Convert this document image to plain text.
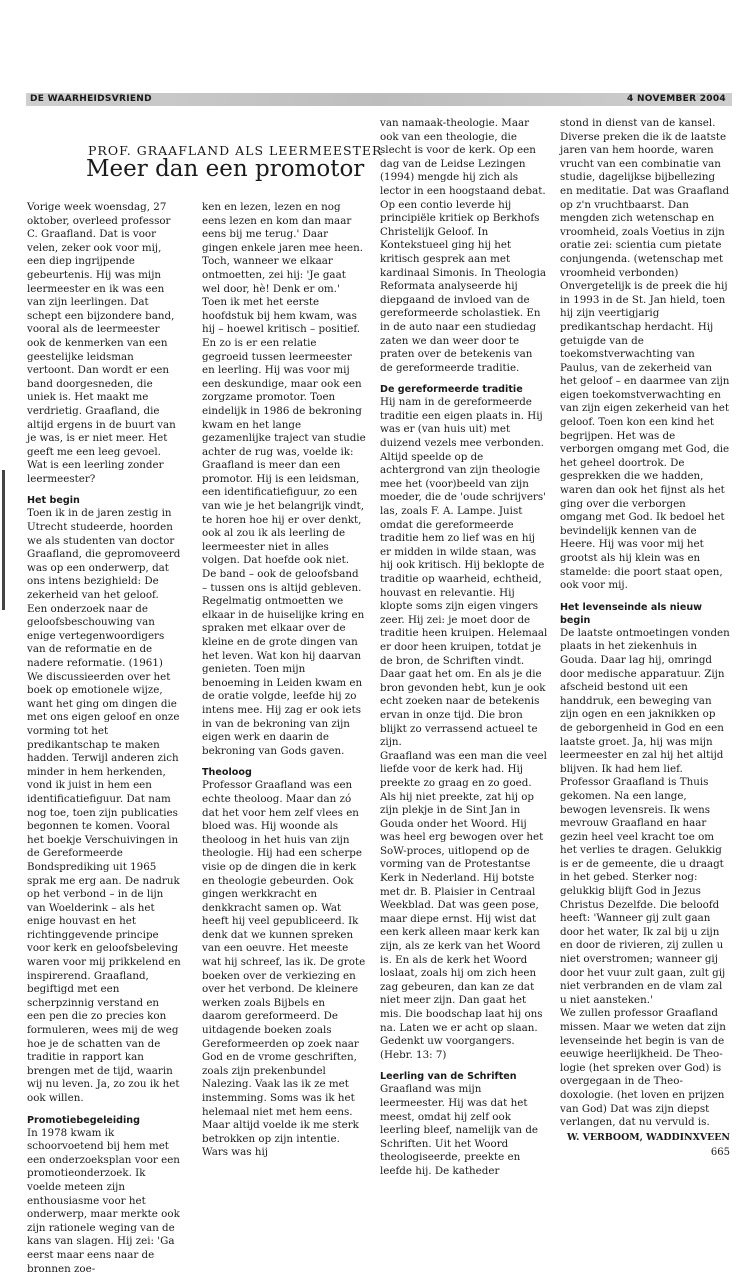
DE WAARHEIDSVRIEND	4 NOVEMBER 2004
PROF. GRAAFLAND ALS LEERMEESTER
Meer dan een promotor

Vorige week woensdag, 27 oktober, overleed professor C. Graafland. Dat is voor velen, zeker ook voor mij, een diep ingrijpende gebeurtenis. Hij was mijn leermeester en ik was een van zijn leerlingen. Dat schept een bijzondere band, vooral als de leermeester ook de kenmerken van een geestelijke leidsman vertoont. Dan wordt er een band doorgesneden, die uniek is. Het maakt me verdrietig. Graafland, die altijd ergens in de buurt van je was, is er niet meer. Het geeft me een leeg gevoel. Wat is een leerling zonder leermeester?

Het begin

Toen ik in de jaren zestig in Utrecht studeerde, hoorden we als studenten van doctor Graafland, die gepromoveerd was op een onderwerp, dat ons intens bezighield: De zekerheid van het geloof. Een onderzoek naar de geloofsbeschouwing van enige vertegenwoordigers van de reformatie en de nadere reformatie. (1961) We discussieerden over het boek op emotionele wijze, want het ging om dingen die met ons eigen geloof en onze vorming tot het predikantschap te maken hadden. Terwijl anderen zich minder in hem herkenden, vond ik juist in hem een identificatiefiguur. Dat nam nog toe, toen zijn publicaties begonnen te komen. Vooral het boekje Verschuivingen in de Gereformeerde Bondsprediking uit 1965 sprak me erg aan. De nadruk op het verbond – in de lijn van Woelderink – als het enige houvast en het richtinggevende principe voor kerk en geloofsbeleving waren voor mij prikkelend en inspirerend. Graafland, begiftigd met een scherpzinnig verstand en een pen die zo precies kon formuleren, wees mij de weg hoe je de schatten van de traditie in rapport kan brengen met de tijd, waarin wij nu leven. Ja, zo zou ik het ook willen.

Promotiebegeleiding

In 1978 kwam ik schoorvoetend bij hem met een onderzoeksplan voor een promotieonderzoek. Ik voelde meteen zijn enthousiasme voor het onderwerp, maar merkte ook zijn rationele weging van de kans van slagen. Hij zei: 'Ga eerst maar eens naar de bronnen zoe-

ken en lezen, lezen en nog eens lezen en kom dan maar eens bij me terug.' Daar gingen enkele jaren mee heen. Toch, wanneer we elkaar ontmoetten, zei hij: 'Je gaat wel door, hè! Denk er om.' Toen ik met het eerste hoofdstuk bij hem kwam, was hij – hoewel kritisch – positief. En zo is er een relatie gegroeid tussen leermeester en leerling. Hij was voor mij een deskundige, maar ook een zorgzame promotor. Toen eindelijk in 1986 de bekroning kwam en het lange gezamenlijke traject van studie achter de rug was, voelde ik: Graafland is meer dan een promotor. Hij is een leidsman, een identificatiefiguur, zo een van wie je het belangrijk vindt, te horen hoe hij er over denkt, ook al zou ik als leerling de leermeester niet in alles volgen. Dat hoefde ook niet.

De band – ook de geloofsband – tussen ons is altijd gebleven. Regelmatig ontmoetten we elkaar in de huiselijke kring en spraken met elkaar over de kleine en de grote dingen van het leven. Wat kon hij daarvan genieten. Toen mijn benoeming in Leiden kwam en de oratie volgde, leefde hij zo intens mee. Hij zag er ook iets in van de bekroning van zijn eigen werk en daarin de bekroning van Gods gaven.

Theoloog

Professor Graafland was een echte theoloog. Maar dan zó dat het voor hem zelf vlees en bloed was. Hij woonde als theoloog in het huis van zijn theologie. Hij had een scherpe visie op de dingen die in kerk en theologie gebeurden. Ook gingen werkkracht en denkkracht samen op. Wat heeft hij veel gepubliceerd. Ik denk dat we kunnen spreken van een oeuvre. Het meeste wat hij schreef, las ik. De grote boeken over de verkiezing en over het verbond. De kleinere werken zoals Bijbels en daarom gereformeerd. De uitdagende boeken zoals Gereformeerden op zoek naar God en de vrome geschriften, zoals zijn prekenbundel Nalezing. Vaak las ik ze met instemming. Soms was ik het helemaal niet met hem eens. Maar altijd voelde ik me sterk betrokken op zijn intentie. Wars was hij

van namaak-theologie. Maar ook van een theologie, die slecht is voor de kerk. Op een dag van de Leidse Lezingen (1994) mengde hij zich als lector in een hoogstaand debat. Op een contio leverde hij principiële kritiek op Berkhofs Christelijk Geloof. In Kontekstueel ging hij het kritisch gesprek aan met kardinaal Simonis. In Theologia Reformata analyseerde hij diepgaand de invloed van de gereformeerde scholastiek. En in de auto naar een studiedag zaten we dan weer door te praten over de betekenis van de gereformeerde traditie.

De gereformeerde traditie

Hij nam in de gereformeerde traditie een eigen plaats in. Hij was er (van huis uit) met duizend vezels mee verbonden. Altijd speelde op de achtergrond van zijn theologie mee het (voor)beeld van zijn moeder, die de 'oude schrijvers' las, zoals F. A. Lampe. Juist omdat die gereformeerde traditie hem zo lief was en hij er midden in wilde staan, was hij ook kritisch. Hij beklopte de traditie op waarheid, echtheid, houvast en relevantie. Hij klopte soms zijn eigen vingers zeer. Hij zei: je moet door de traditie heen kruipen. Helemaal er door heen kruipen, totdat je de bron, de Schriften vindt. Daar gaat het om. En als je die bron gevonden hebt, kun je ook echt zoeken naar de betekenis ervan in onze tijd. Die bron blijkt zo verrassend actueel te zijn.

Graafland was een man die veel liefde voor de kerk had. Hij preekte zo graag en zo goed. Als hij niet preekte, zat hij op zijn plekje in de Sint Jan in Gouda onder het Woord. Hij was heel erg bewogen over het SoW-proces, uitlopend op de vorming van de Protestantse Kerk in Nederland. Hij botste met dr. B. Plaisier in Centraal Weekblad. Dat was geen pose, maar diepe ernst. Hij wist dat een kerk alleen maar kerk kan zijn, als ze kerk van het Woord is. En als de kerk het Woord loslaat, zoals hij om zich heen zag gebeuren, dan kan ze dat niet meer zijn. Dan gaat het mis. Die boodschap laat hij ons na. Laten we er acht op slaan. Gedenkt uw voorgangers. (Hebr. 13: 7)

Leerling van de Schriften

Graafland was mijn leermeester. Hij was dat het meest, omdat hij zelf ook leerling bleef, namelijk van de Schriften. Uit het Woord theologiseerde, preekte en leefde hij. De katheder

stond in dienst van de kansel. Diverse preken die ik de laatste jaren van hem hoorde, waren vrucht van een combinatie van studie, dagelijkse bijbellezing en meditatie. Dat was Graafland op z'n vruchtbaarst. Dan mengden zich wetenschap en vroomheid, zoals Voetius in zijn oratie zei: scientia cum pietate conjungenda. (wetenschap met vroomheid verbonden)

Onvergetelijk is de preek die hij in 1993 in de St. Jan hield, toen hij zijn veertigjarig predikantschap herdacht. Hij getuigde van de toekomstverwachting van Paulus, van de zekerheid van het geloof – en daarmee van zijn eigen toekomstverwachting en van zijn eigen zekerheid van het geloof. Toen kon een kind het begrijpen. Het was de verborgen omgang met God, die het geheel doortrok. De gesprekken die we hadden, waren dan ook het fijnst als het ging over die verborgen omgang met God. Ik bedoel het bevindelijk kennen van de Heere. Hij was voor mij het grootst als hij klein was en stamelde: die poort staat open, ook voor mij.

Het levenseinde als nieuw begin

De laatste ontmoetingen vonden plaats in het ziekenhuis in Gouda. Daar lag hij, omringd door medische apparatuur. Zijn afscheid bestond uit een handdruk, een beweging van zijn ogen en een jaknikken op de geborgenheid in God en een laatste groet. Ja, hij was mijn leermeester en zal hij het altijd blijven. Ik had hem lief. Professor Graafland is Thuis gekomen. Na een lange, bewogen levensreis. Ik wens mevrouw Graafland en haar gezin heel veel kracht toe om het verlies te dragen. Gelukkig is er de gemeente, die u draagt in het gebed. Sterker nog: gelukkig blijft God in Jezus Christus Dezelfde. Die beloofd heeft: 'Wanneer gij zult gaan door het water, Ik zal bij u zijn en door de rivieren, zij zullen u niet overstromen; wanneer gij door het vuur zult gaan, zult gij niet verbranden en de vlam zal u niet aansteken.'

We zullen professor Graafland missen. Maar we weten dat zijn levenseinde het begin is van de eeuwige heerlijkheid. De Theo-logie (het spreken over God) is overgegaan in de Theo-doxologie. (het loven en prijzen van God) Dat was zijn diepst verlangen, dat nu vervuld is.

W. VERBOOM, WADDINXVEEN

665
